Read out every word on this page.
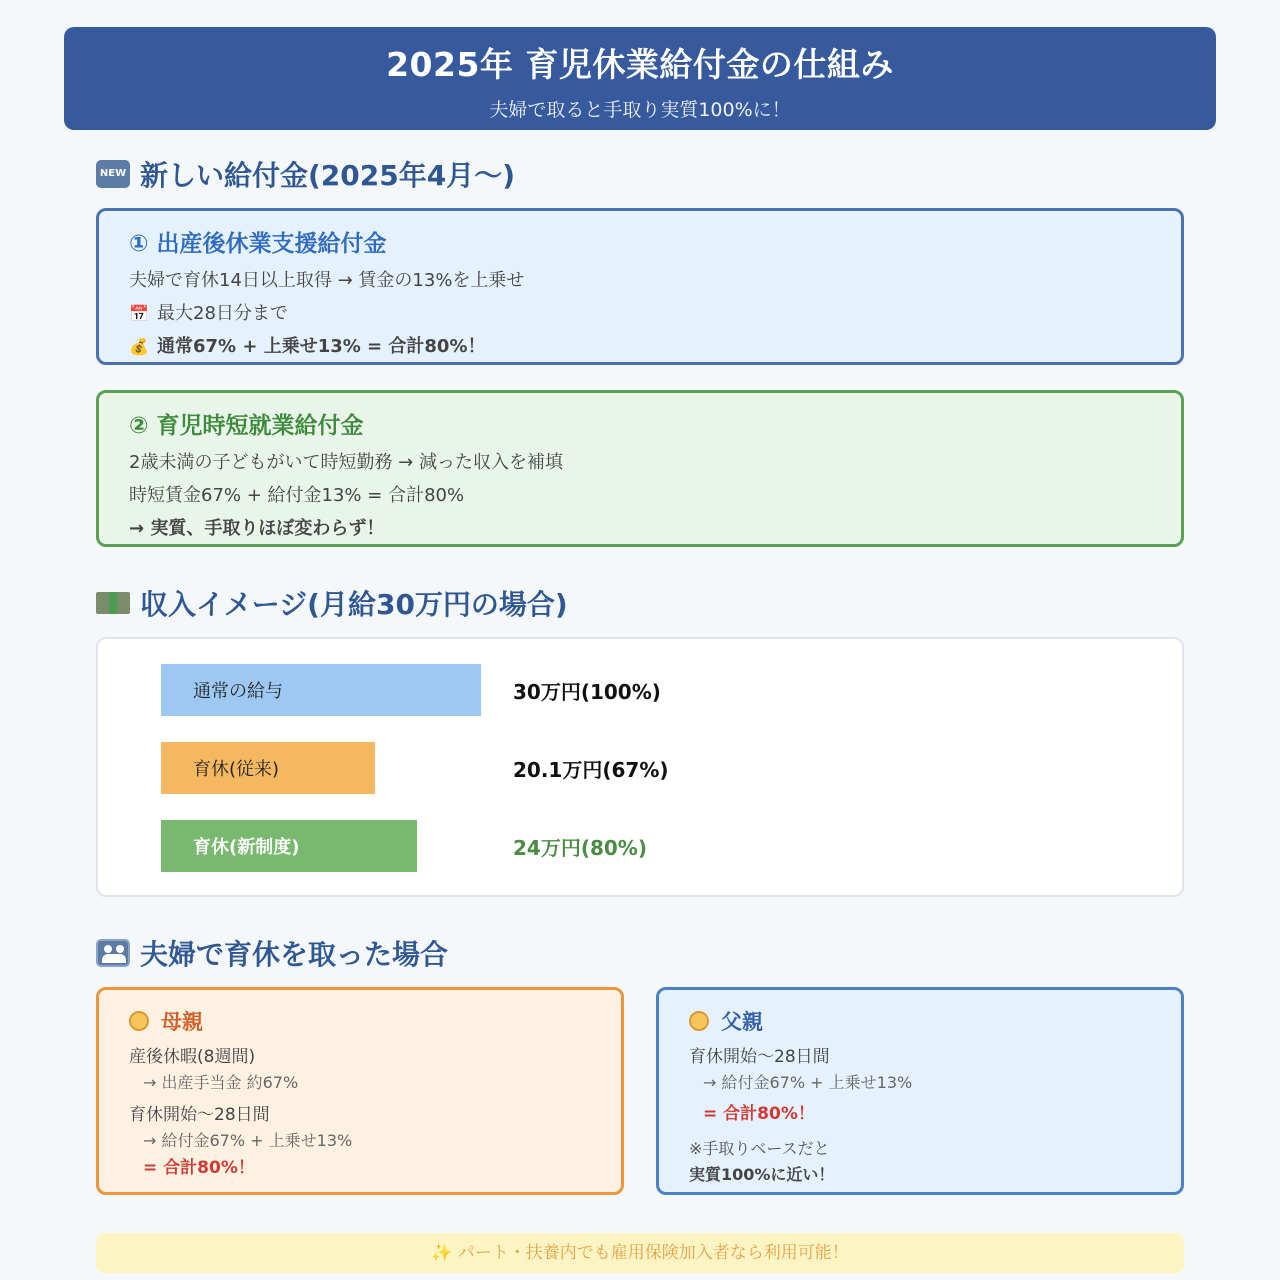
2025年 育児休業給付金の仕組み
夫婦で取ると手取り実質100%に！
NEW 新しい給付金(2025年4月〜)
① 出産後休業支援給付金
夫婦で育休14日以上取得 → 賃金の13%を上乗せ
📅 最大28日分まで
💰 通常67% + 上乗せ13% = 合計80%！
② 育児時短就業給付金
2歳未満の子どもがいて時短勤務 → 減った収入を補填
時短賃金67% + 給付金13% = 合計80%
→ 実質、手取りほぼ変わらず！
収入イメージ(月給30万円の場合)
通常の給与	30万円(100%)
育休(従来)	20.1万円(67%)
育休(新制度)	24万円(80%)
夫婦で育休を取った場合
母親
産後休暇(8週間)
→ 出産手当金 約67%
育休開始〜28日間
→ 給付金67% + 上乗せ13%
= 合計80%！
父親
育休開始〜28日間
→ 給付金67% + 上乗せ13%
= 合計80%！
※手取りベースだと
実質100%に近い！
✨ パート・扶養内でも雇用保険加入者なら利用可能！
